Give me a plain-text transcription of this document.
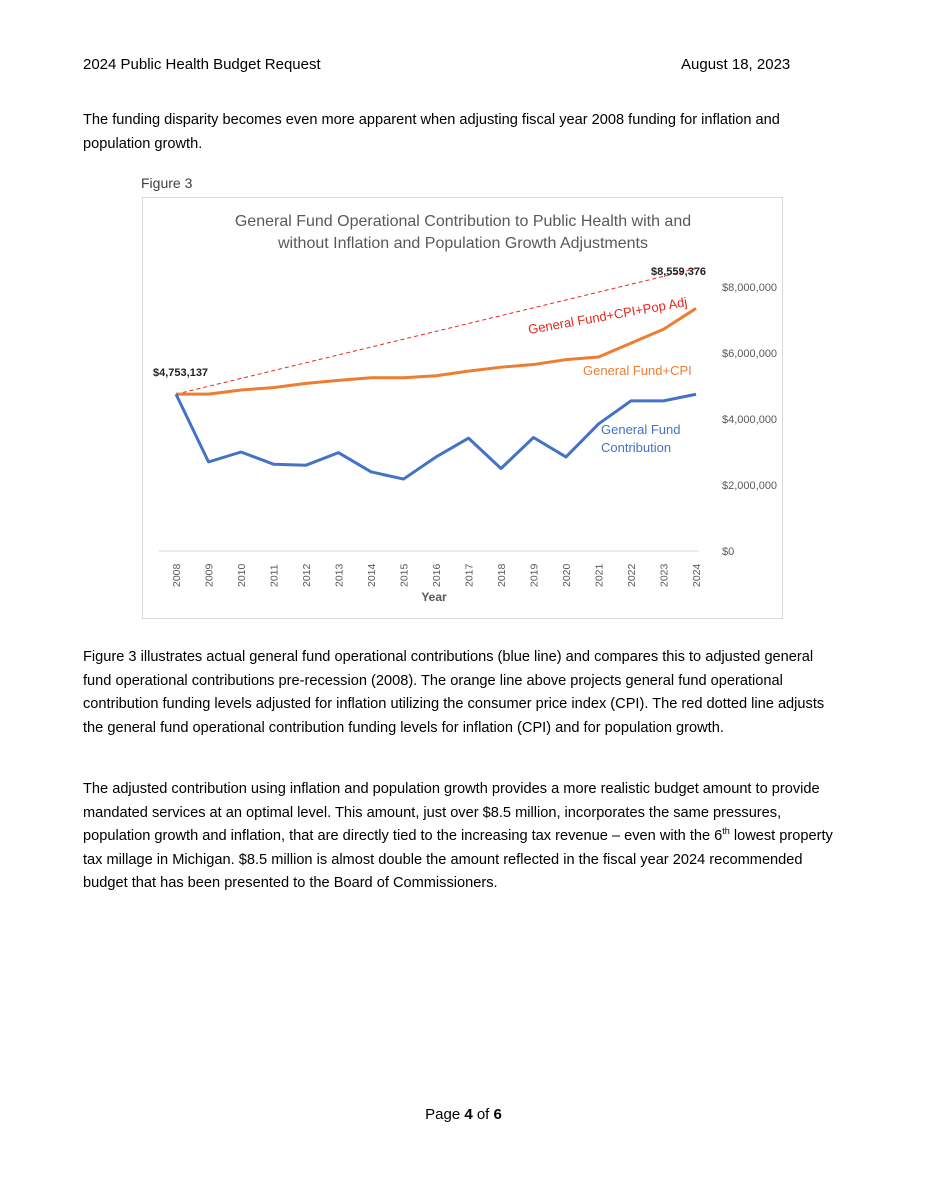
2024 Public Health Budget Request	August 18, 2023

The funding disparity becomes even more apparent when adjusting fiscal year 2008 funding for inflation and population growth.

Figure 3
General Fund Operational Contribution to Public Health with and
without Inflation and Population Growth Adjustments
$0
$2,000,000
$4,000,000
$6,000,000
$8,000,000
2008 2009 2010 2011 2012 2013 2014 2015 2016 2017 2018 2019 2020 2021 2022 2023 2024
Year
General Fund+CPI+Pop Adj
General Fund+CPI
General Fund
Contribution
$4,753,137
$8,559,376

Figure 3 illustrates actual general fund operational contributions (blue line) and compares this to adjusted general fund operational contributions pre-recession (2008). The orange line above projects general fund operational contribution funding levels adjusted for inflation utilizing the consumer price index (CPI). The red dotted line adjusts the general fund operational contribution funding levels for inflation (CPI) and for population growth.

The adjusted contribution using inflation and population growth provides a more realistic budget amount to provide mandated services at an optimal level. This amount, just over $8.5 million, incorporates the same pressures, population growth and inflation, that are directly tied to the increasing tax revenue – even with the 6th lowest property tax millage in Michigan. $8.5 million is almost double the amount reflected in the fiscal year 2024 recommended budget that has been presented to the Board of Commissioners.

Page 4 of 6
